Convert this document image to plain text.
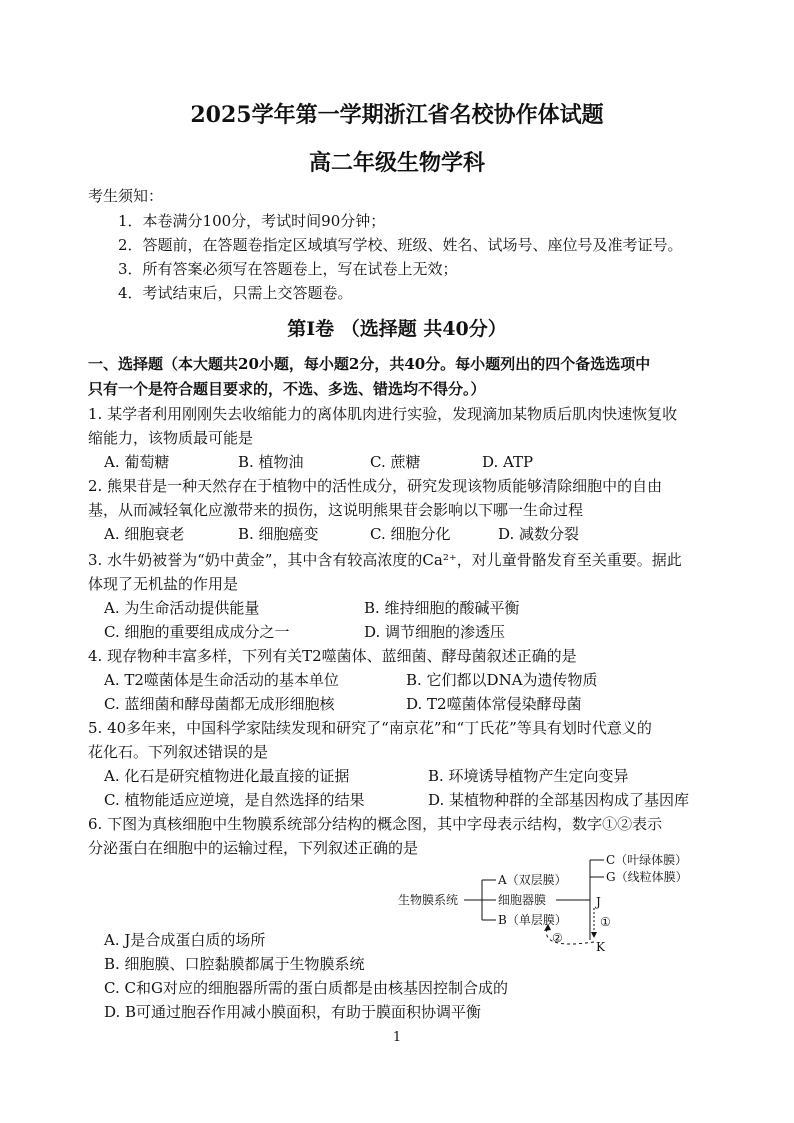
2025学年第一学期浙江省名校协作体试题
高二年级生物学科
考生须知：
1．本卷满分100分，考试时间90分钟；
2．答题前，在答题卷指定区域填写学校、班级、姓名、试场号、座位号及准考证号。
3．所有答案必须写在答题卷上，写在试卷上无效；
4．考试结束后，只需上交答题卷。
第Ⅰ卷 （选择题 共40分）
一、选择题（本大题共20小题，每小题2分，共40分。每小题列出的四个备选选项中
只有一个是符合题目要求的，不选、多选、错选均不得分。）
1. 某学者利用刚刚失去收缩能力的离体肌肉进行实验，发现滴加某物质后肌肉快速恢复收
缩能力，该物质最可能是
A. 葡萄糖	B. 植物油	C. 蔗糖	D. ATP
2. 熊果苷是一种天然存在于植物中的活性成分，研究发现该物质能够清除细胞中的自由
基，从而减轻氧化应激带来的损伤，这说明熊果苷会影响以下哪一生命过程
A. 细胞衰老	B. 细胞癌变	C. 细胞分化	D. 减数分裂
3. 水牛奶被誉为“奶中黄金”，其中含有较高浓度的Ca²⁺，对儿童骨骼发育至关重要。据此
体现了无机盐的作用是
A. 为生命活动提供能量	B. 维持细胞的酸碱平衡
C. 细胞的重要组成成分之一	D. 调节细胞的渗透压
4. 现存物种丰富多样，下列有关T2噬菌体、蓝细菌、酵母菌叙述正确的是
A. T2噬菌体是生命活动的基本单位	B. 它们都以DNA为遗传物质
C. 蓝细菌和酵母菌都无成形细胞核	D. T2噬菌体常侵染酵母菌
5. 40多年来，中国科学家陆续发现和研究了“南京花”和“丁氏花”等具有划时代意义的
花化石。下列叙述错误的是
A. 化石是研究植物进化最直接的证据	B. 环境诱导植物产生定向变异
C. 植物能适应逆境，是自然选择的结果	D. 某植物种群的全部基因构成了基因库
6. 下图为真核细胞中生物膜系统部分结构的概念图，其中字母表示结构，数字①②表示
分泌蛋白在细胞中的运输过程，下列叙述正确的是
生物膜系统
A（双层膜）
细胞器膜
B（单层膜）
C（叶绿体膜）
G（线粒体膜）
J
K
①
②
A. J是合成蛋白质的场所
B. 细胞膜、口腔黏膜都属于生物膜系统
C. C和G对应的细胞器所需的蛋白质都是由核基因控制合成的
D. B可通过胞吞作用减小膜面积，有助于膜面积协调平衡
1
